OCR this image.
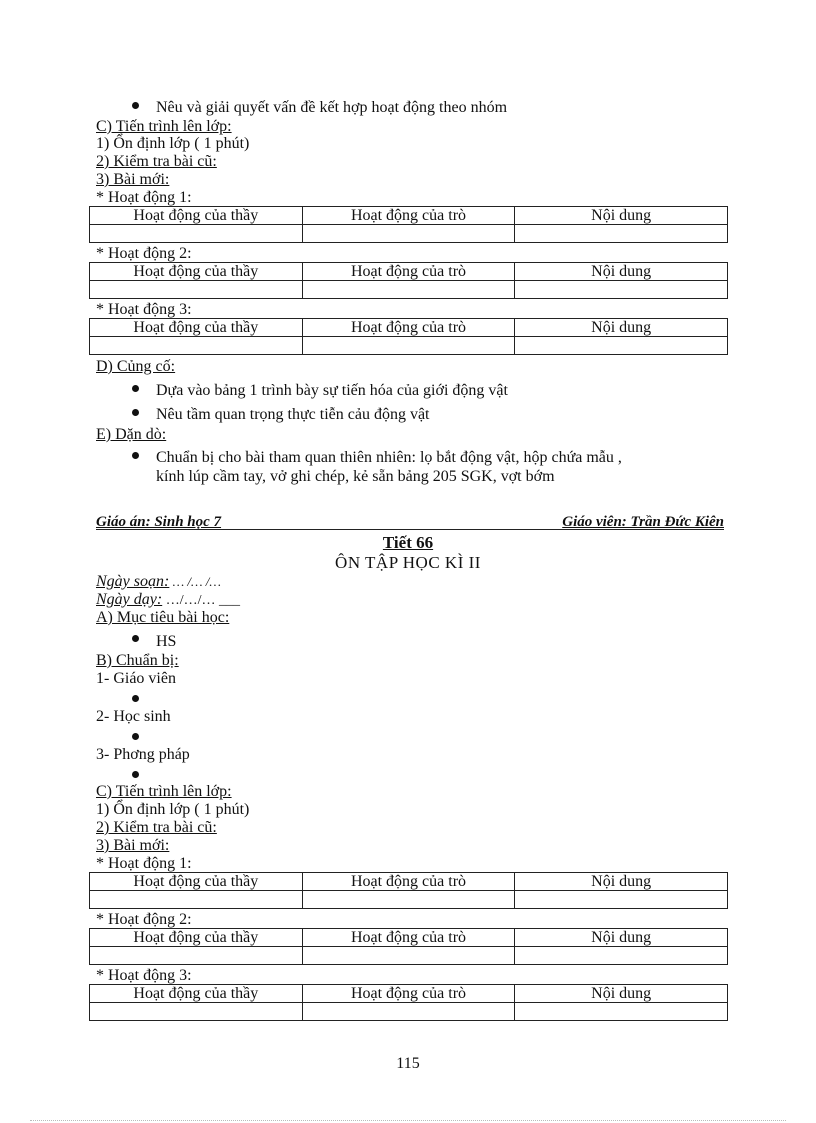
Nêu và giải quyết vấn đề kết hợp hoạt động theo nhóm
C) Tiến trình lên lớp:
1) Ổn định lớp ( 1 phút)
2) Kiểm tra bài cũ:
3) Bài mới:
* Hoạt động 1:
Hoạt động của thầy	Hoạt động của trò	Nội dung

* Hoạt động 2:
Hoạt động của thầy	Hoạt động của trò	Nội dung

* Hoạt động 3:
Hoạt động của thầy	Hoạt động của trò	Nội dung

D) Củng cố:
Dựa vào bảng 1 trình bày sự tiến hóa của giới động vật
Nêu tầm quan trọng thực tiễn cảu động vật
E) Dặn dò:
Chuẩn bị cho bài tham quan thiên nhiên: lọ bắt động vật, hộp chứa mẫu ,
kính lúp cầm tay, vở ghi chép, kẻ sẵn bảng 205 SGK, vợt bớm
Giáo án: Sinh học 7	Giáo viên: Trần Đức Kiên
Tiết 66
ÔN TẬP HỌC KÌ II
Ngày soạn: … /… /…
Ngày dạy: …/…/… ___
A) Mục tiêu bài học:
HS
B) Chuẩn bị:
1- Giáo viên
2- Học sinh
3- Phơng pháp
C) Tiến trình lên lớp:
1) Ổn định lớp ( 1 phút)
2) Kiểm tra bài cũ:
3) Bài mới:
* Hoạt động 1:
Hoạt động của thầy	Hoạt động của trò	Nội dung

* Hoạt động 2:
Hoạt động của thầy	Hoạt động của trò	Nội dung

* Hoạt động 3:
Hoạt động của thầy	Hoạt động của trò	Nội dung

115
